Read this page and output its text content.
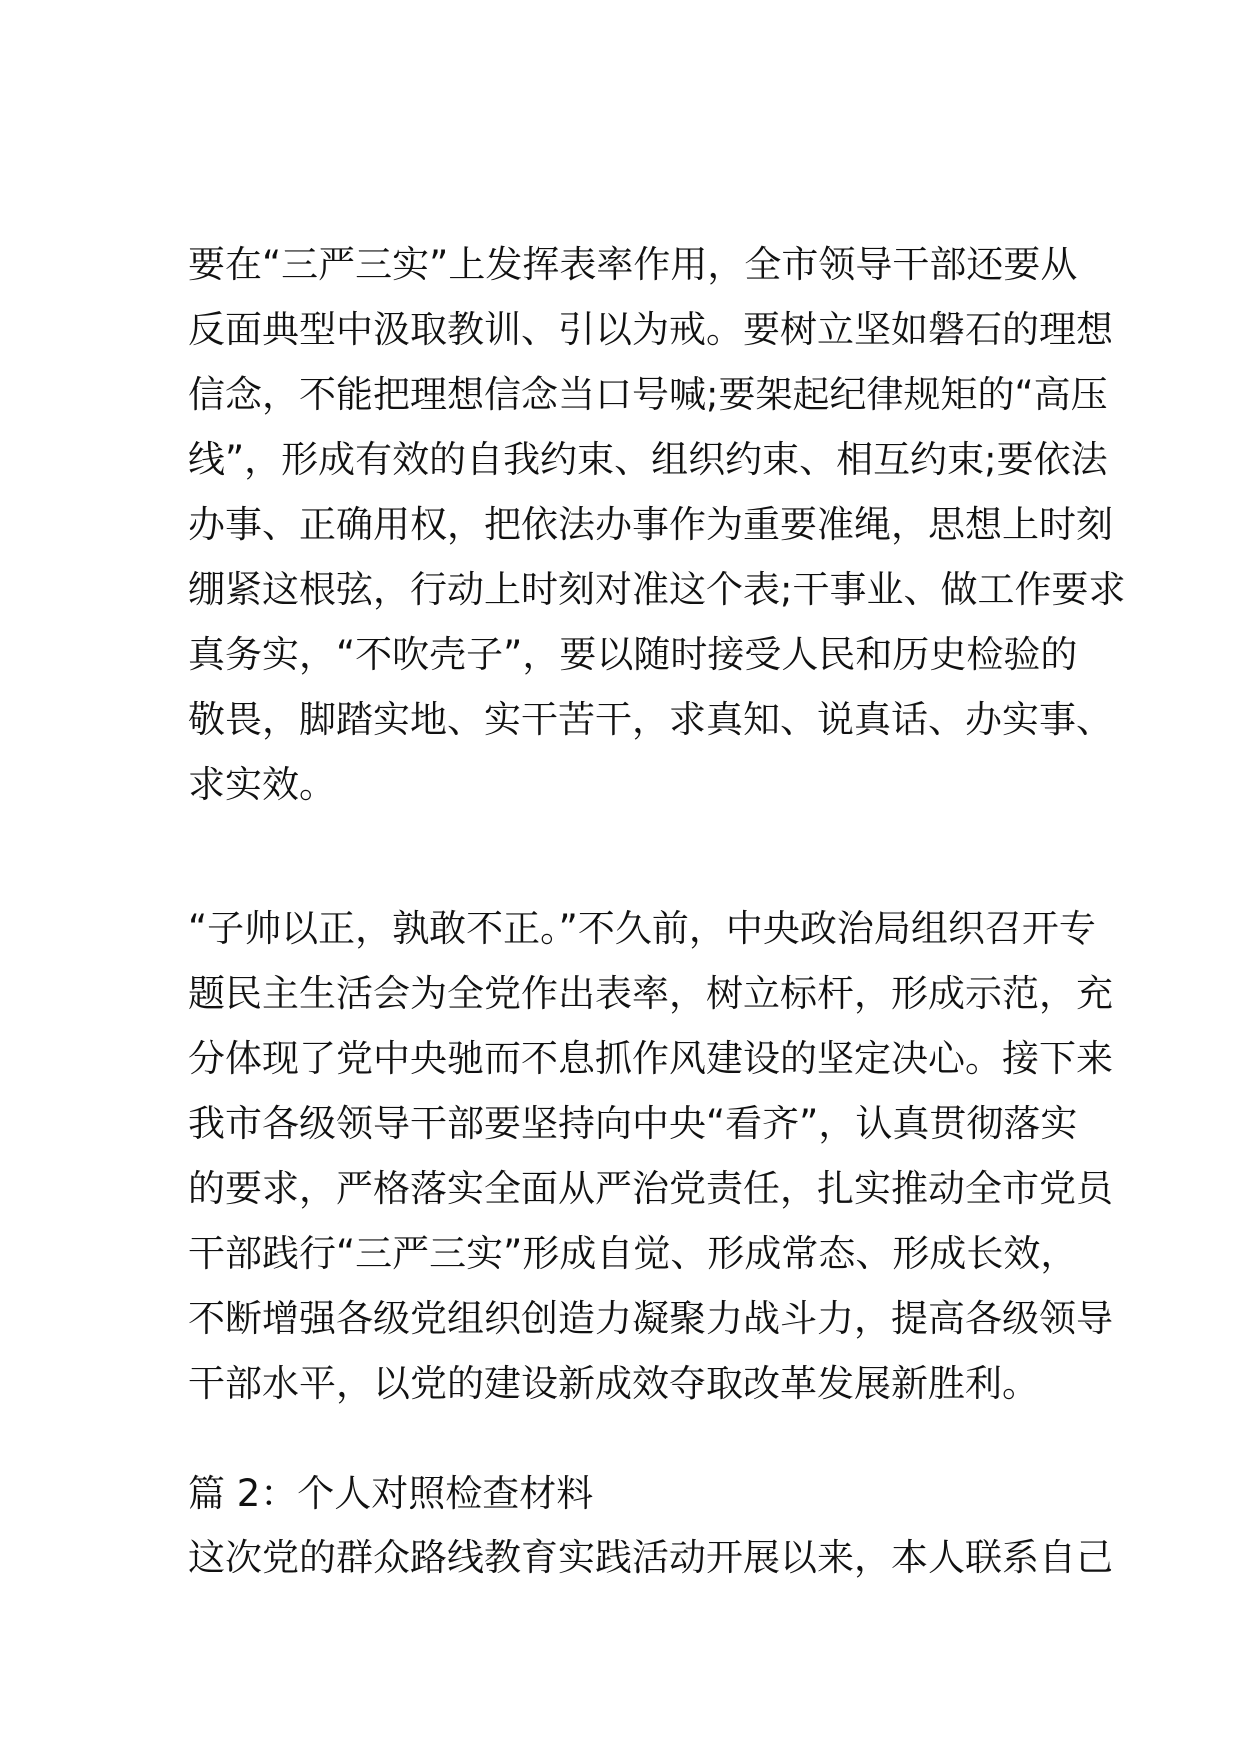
要在“三严三实”上发挥表率作用，全市领导干部还要从
反面典型中汲取教训、引以为戒。要树立坚如磐石的理想
信念，不能把理想信念当口号喊;要架起纪律规矩的“高压
线”，形成有效的自我约束、组织约束、相互约束;要依法
办事、正确用权，把依法办事作为重要准绳，思想上时刻
绷紧这根弦，行动上时刻对准这个表;干事业、做工作要求
真务实，“不吹壳子”，要以随时接受人民和历史检验的
敬畏，脚踏实地、实干苦干，求真知、说真话、办实事、
求实效。
“子帅以正，孰敢不正。”不久前，中央政治局组织召开专
题民主生活会为全党作出表率，树立标杆，形成示范，充
分体现了党中央驰而不息抓作风建设的坚定决心。接下来
我市各级领导干部要坚持向中央“看齐”，认真贯彻落实
的要求，严格落实全面从严治党责任，扎实推动全市党员
干部践行“三严三实”形成自觉、形成常态、形成长效，
不断增强各级党组织创造力凝聚力战斗力，提高各级领导
干部水平，以党的建设新成效夺取改革发展新胜利。
篇 2：个人对照检查材料
这次党的群众路线教育实践活动开展以来，本人联系自己
